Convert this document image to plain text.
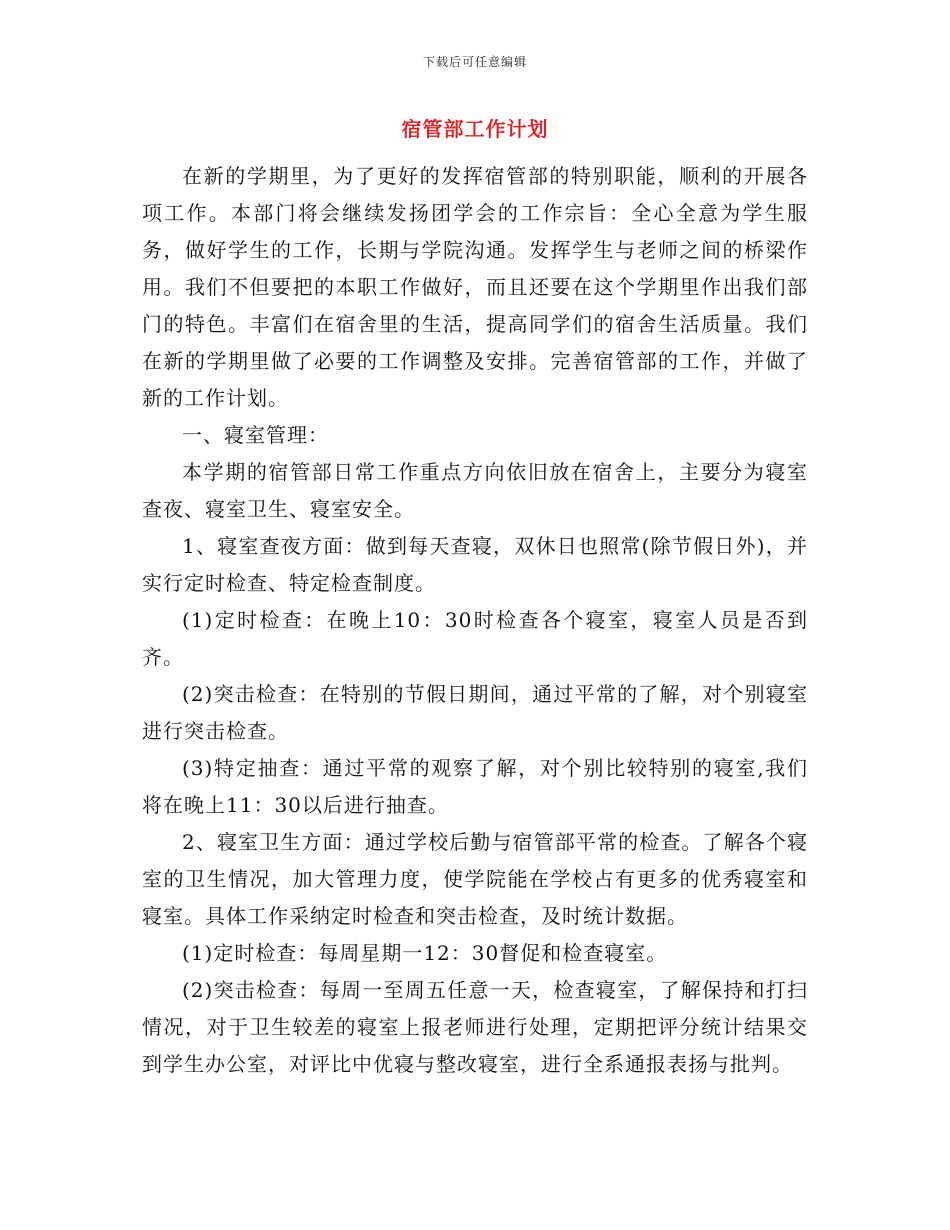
下载后可任意编辑
宿管部工作计划

在新的学期里，为了更好的发挥宿管部的特别职能，顺利的开展各项工作。本部门将会继续发扬团学会的工作宗旨：全心全意为学生服务，做好学生的工作，长期与学院沟通。发挥学生与老师之间的桥梁作用。我们不但要把的本职工作做好，而且还要在这个学期里作出我们部门的特色。丰富们在宿舍里的生活，提高同学们的宿舍生活质量。我们在新的学期里做了必要的工作调整及安排。完善宿管部的工作，并做了新的工作计划。

一、寝室管理：

本学期的宿管部日常工作重点方向依旧放在宿舍上，主要分为寝室查夜、寝室卫生、寝室安全。

1、寝室查夜方面：做到每天查寝，双休日也照常(除节假日外)，并实行定时检查、特定检查制度。

(1)定时检查：在晚上10：30时检查各个寝室，寝室人员是否到齐。

(2)突击检查：在特别的节假日期间，通过平常的了解，对个别寝室进行突击检查。

(3)特定抽查：通过平常的观察了解，对个别比较特别的寝室,我们将在晚上11：30以后进行抽查。

2、寝室卫生方面：通过学校后勤与宿管部平常的检查。了解各个寝室的卫生情况，加大管理力度，使学院能在学校占有更多的优秀寝室和寝室。具体工作采纳定时检查和突击检查，及时统计数据。

(1)定时检查：每周星期一12：30督促和检查寝室。

(2)突击检查：每周一至周五任意一天，检查寝室，了解保持和打扫情况，对于卫生较差的寝室上报老师进行处理，定期把评分统计结果交到学生办公室，对评比中优寝与整改寝室，进行全系通报表扬与批判。
